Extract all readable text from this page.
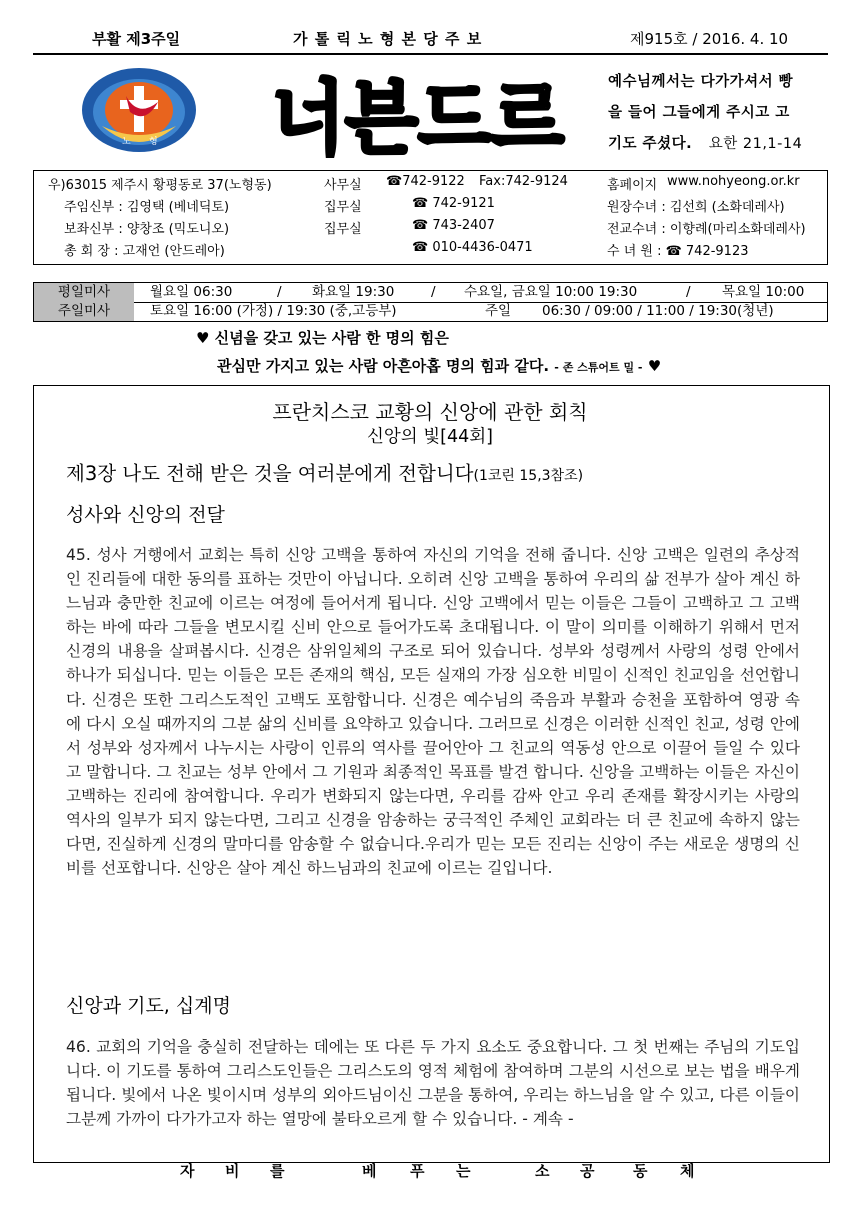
부활 제3주일	가 톨 릭 노 형 본 당 주 보	제915호 / 2016. 4. 10
노 형 너븐드르	예수님께서는 다가가셔서 빵
을 들어 그들에게 주시고 고
기도 주셨다. 요한 21,1-14
우)63015 제주시 황평동로 37(노형동)	사무실 ☎742-9122 Fax:742-9124	홈페이지 www.nohyeong.or.kr
주임신부 : 김영택 (베네딕토)	집무실	☎ 742-9121	원장수녀 : 김선희 (소화데레사)
보좌신부 : 양창조 (믹도니오)	집무실	☎ 743-2407	전교수녀 : 이향례(마리소화데레사)
총 회 장 : 고재언 (안드레아)	☎ 010-4436-0471	수 녀 원 : ☎ 742-9123
평일미사	월요일 06:30	/ 화요일 19:30	/ 수요일, 금요일 10:00 19:30	/ 목요일 10:00
주일미사	토요일 16:00 (가정) / 19:30 (중,고등부)	주일 06:30 / 09:00 / 11:00 / 19:30(청년)
♥ 신념을 갖고 있는 사람 한 명의 힘은
관심만 가지고 있는 사람 아흔아홉 명의 힘과 같다. - 존 스튜어트 밀 - ♥
프란치스코 교황의 신앙에 관한 회칙
신앙의 빛[44회]
제3장 나도 전해 받은 것을 여러분에게 전합니다(1코린 15,3참조)
성사와 신앙의 전달
45. 성사 거행에서 교회는 특히 신앙 고백을 통하여 자신의 기억을 전해 줍니다. 신앙 고백은 일련의 추상적인 진리들에 대한 동의를 표하는 것만이 아닙니다. 오히려 신앙 고백을 통하여 우리의 삶 전부가 살아 계신 하느님과 충만한 친교에 이르는 여정에 들어서게 됩니다. 신앙 고백에서 믿는 이들은 그들이 고백하고 그 고백하는 바에 따라 그들을 변모시킬 신비 안으로 들어가도록 초대됩니다. 이 말이 의미를 이해하기 위해서 먼저 신경의 내용을 살펴봅시다. 신경은 삼위일체의 구조로 되어 있습니다. 성부와 성령께서 사랑의 성령 안에서 하나가 되십니다. 믿는 이들은 모든 존재의 핵심, 모든 실재의 가장 심오한 비밀이 신적인 친교임을 선언합니다. 신경은 또한 그리스도적인 고백도 포함합니다. 신경은 예수님의 죽음과 부활과 승천을 포함하여 영광 속에 다시 오실 때까지의 그분 삶의 신비를 요약하고 있습니다. 그러므로 신경은 이러한 신적인 친교, 성령 안에서 성부와 성자께서 나누시는 사랑이 인류의 역사를 끌어안아 그 친교의 역동성 안으로 이끌어 들일 수 있다고 말합니다. 그 친교는 성부 안에서 그 기원과 최종적인 목표를 발견 합니다. 신앙을 고백하는 이들은 자신이 고백하는 진리에 참여합니다. 우리가 변화되지 않는다면, 우리를 감싸 안고 우리 존재를 확장시키는 사랑의 역사의 일부가 되지 않는다면, 그리고 신경을 암송하는 궁극적인 주체인 교회라는 더 큰 친교에 속하지 않는다면, 진실하게 신경의 말마디를 암송할 수 없습니다.우리가 믿는 모든 진리는 신앙이 주는 새로운 생명의 신비를 선포합니다. 신앙은 살아 계신 하느님과의 친교에 이르는 길입니다.
신앙과 기도, 십계명
46. 교회의 기억을 충실히 전달하는 데에는 또 다른 두 가지 요소도 중요합니다. 그 첫 번째는 주님의 기도입니다. 이 기도를 통하여 그리스도인들은 그리스도의 영적 체험에 참여하며 그분의 시선으로 보는 법을 배우게 됩니다. 빛에서 나온 빛이시며 성부의 외아드님이신 그분을 통하여, 우리는 하느님을 알 수 있고, 다른 이들이 그분께 가까이 다가가고자 하는 열망에 불타오르게 할 수 있습니다. - 계속 -
자 비 를	베 푸 는	소 공	동 체
